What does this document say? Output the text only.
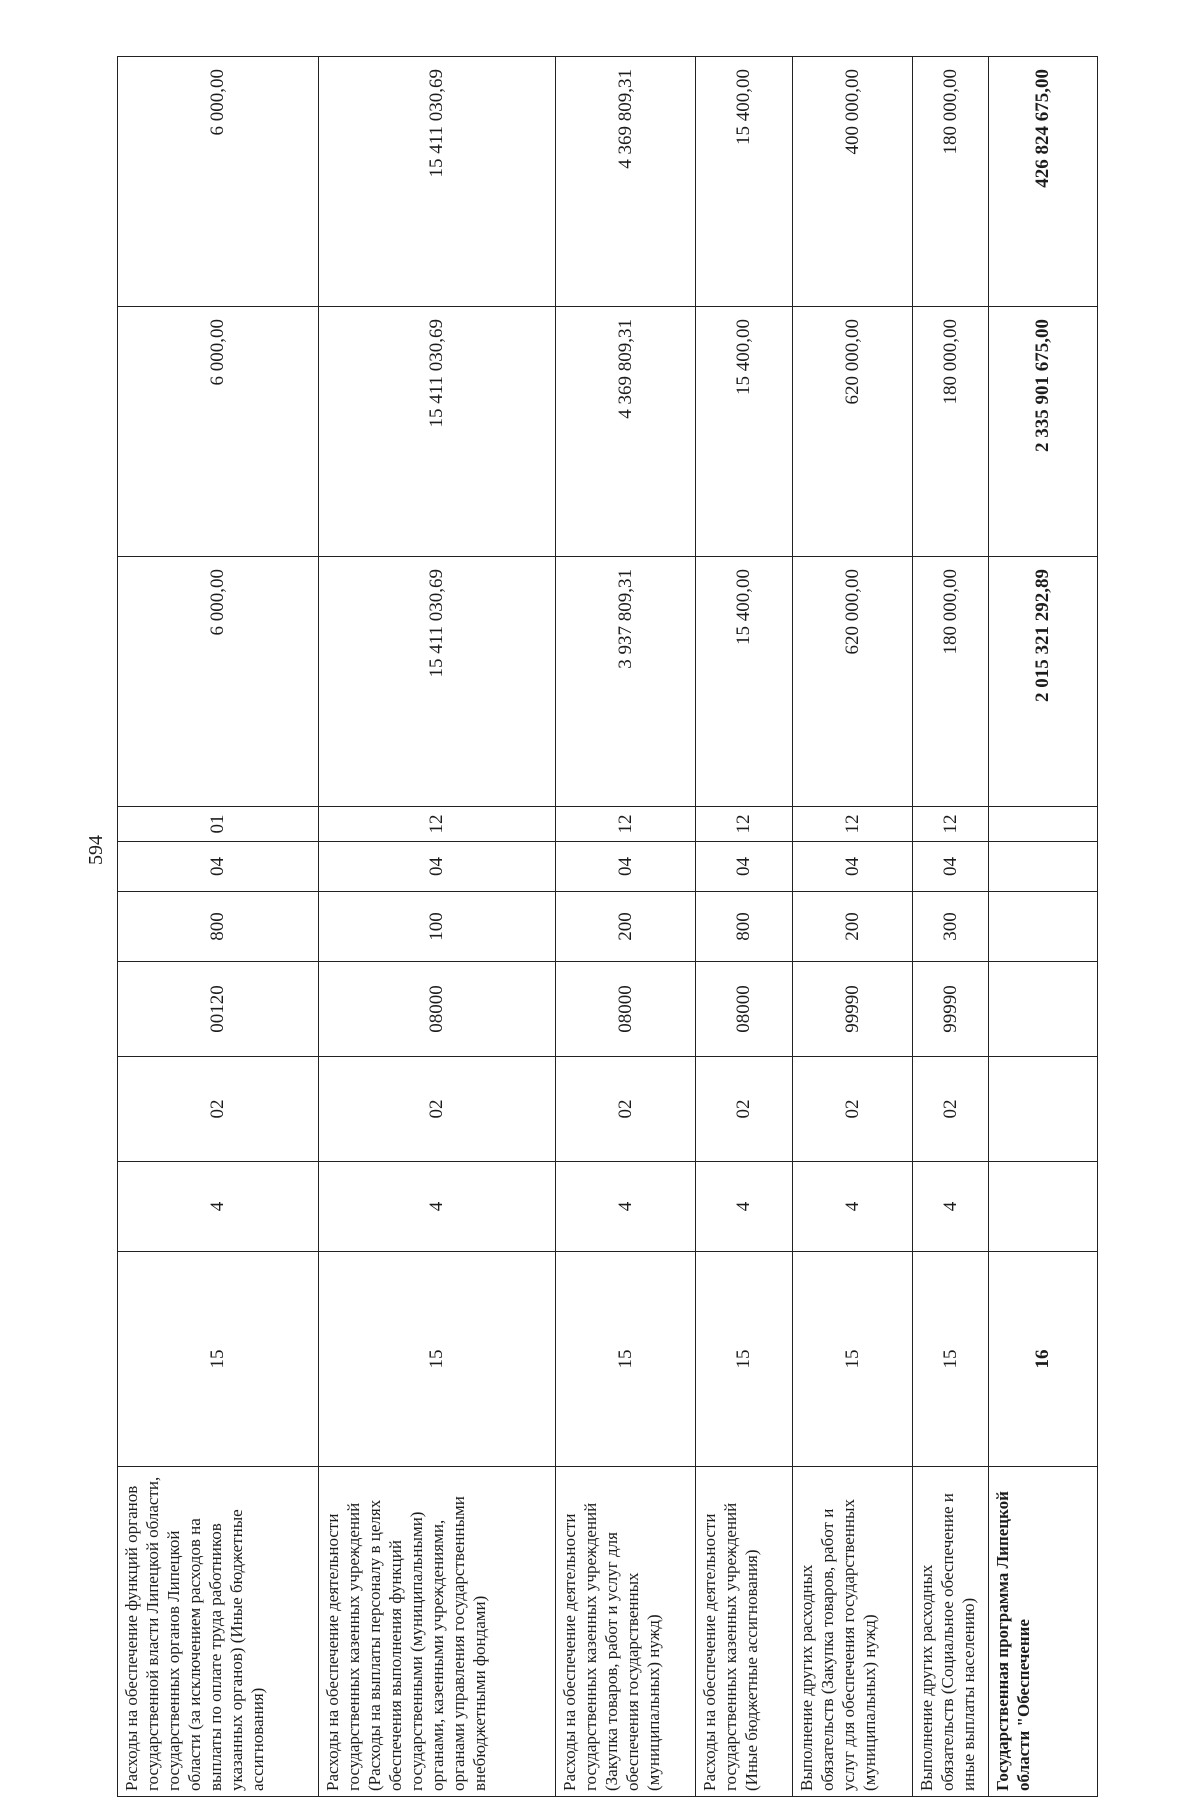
594
Расходы на обеспечение функций органов государственной власти Липецкой области, государственных органов Липецкой области (за исключением расходов на выплаты по оплате труда работников указанных органов) (Иные бюджетные ассигнования)	15	4	02	00120	800	04	01	6 000,00	6 000,00	6 000,00
Расходы на обеспечение деятельности государственных казенных учреждений (Расходы на выплаты персоналу в целях обеспечения выполнения функций государственными (муниципальными) органами, казенными учреждениями, органами управления государственными внебюджетными фондами)	15	4	02	08000	100	04	12	15 411 030,69	15 411 030,69	15 411 030,69
Расходы на обеспечение деятельности государственных казенных учреждений (Закупка товаров, работ и услуг для обеспечения государственных (муниципальных) нужд)	15	4	02	08000	200	04	12	3 937 809,31	4 369 809,31	4 369 809,31
Расходы на обеспечение деятельности государственных казенных учреждений (Иные бюджетные ассигнования)	15	4	02	08000	800	04	12	15 400,00	15 400,00	15 400,00
Выполнение других расходных обязательств (Закупка товаров, работ и услуг для обеспечения государственных (муниципальных) нужд)	15	4	02	99990	200	04	12	620 000,00	620 000,00	400 000,00
Выполнение других расходных обязательств (Социальное обеспечение и иные выплаты населению)	15	4	02	99990	300	04	12	180 000,00	180 000,00	180 000,00
Государственная программа Липецкой области "Обеспечение	16							2 015 321 292,89	2 335 901 675,00	426 824 675,00
